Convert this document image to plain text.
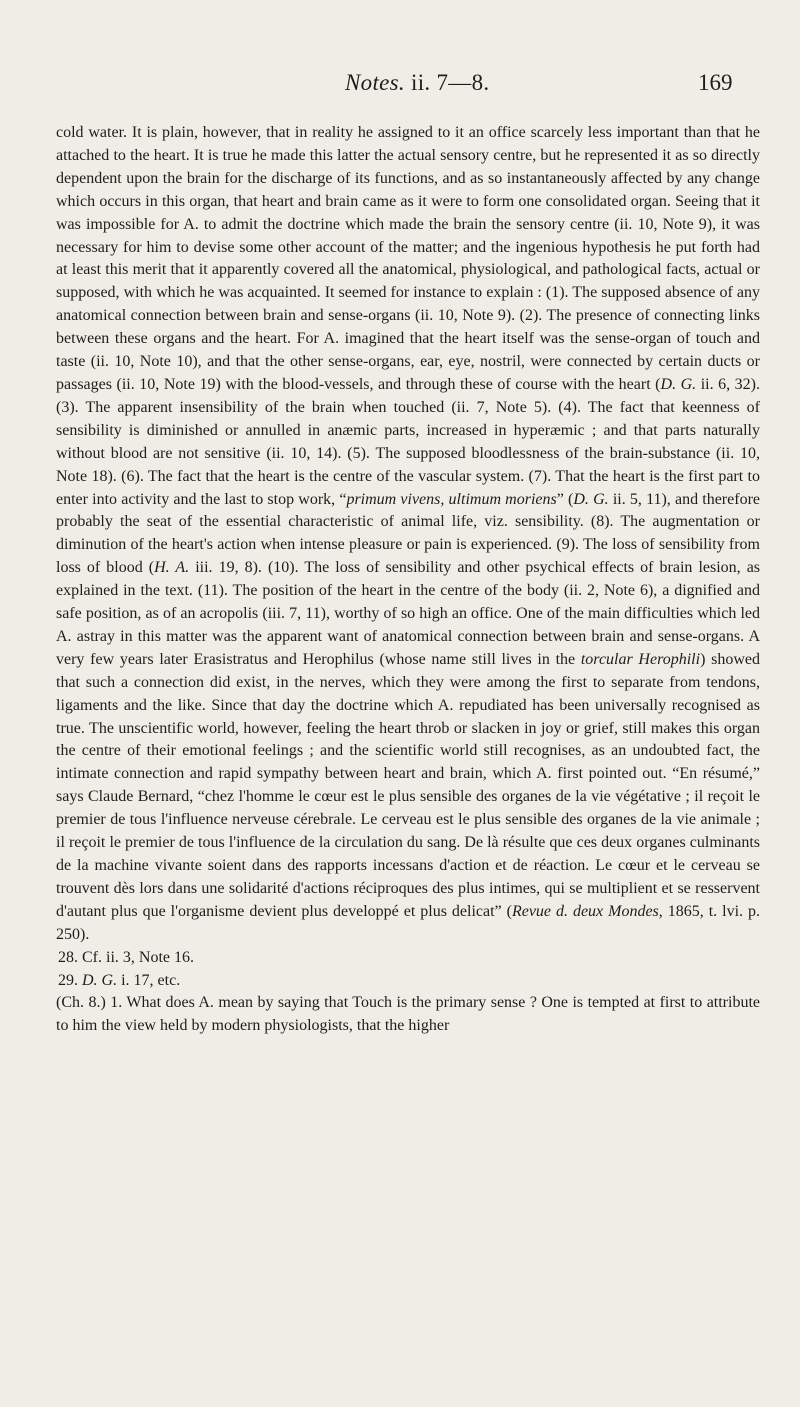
Notes. ii. 7—8.	169

cold water. It is plain, however, that in reality he assigned to it an office scarcely less important than that he attached to the heart. It is true he made this latter the actual sensory centre, but he represented it as so directly dependent upon the brain for the discharge of its functions, and as so instantaneously affected by any change which occurs in this organ, that heart and brain came as it were to form one consolidated organ. Seeing that it was impossible for A. to admit the doctrine which made the brain the sensory centre (ii. 10, Note 9), it was necessary for him to devise some other account of the matter; and the ingenious hypothesis he put forth had at least this merit that it apparently covered all the anatomical, physiological, and pathological facts, actual or supposed, with which he was acquainted. It seemed for instance to explain : (1). The supposed absence of any anatomical connection between brain and sense-organs (ii. 10, Note 9). (2). The presence of connecting links between these organs and the heart. For A. imagined that the heart itself was the sense-organ of touch and taste (ii. 10, Note 10), and that the other sense-organs, ear, eye, nostril, were connected by certain ducts or passages (ii. 10, Note 19) with the blood-vessels, and through these of course with the heart (D. G. ii. 6, 32). (3). The apparent insensibility of the brain when touched (ii. 7, Note 5). (4). The fact that keenness of sensibility is diminished or annulled in anæmic parts, increased in hyperæmic ; and that parts naturally without blood are not sensitive (ii. 10, 14). (5). The supposed bloodlessness of the brain-substance (ii. 10, Note 18). (6). The fact that the heart is the centre of the vascular system. (7). That the heart is the first part to enter into activity and the last to stop work, “primum vivens, ultimum moriens” (D. G. ii. 5, 11), and therefore probably the seat of the essential characteristic of animal life, viz. sensibility. (8). The augmentation or diminution of the heart's action when intense pleasure or pain is experienced. (9). The loss of sensibility from loss of blood (H. A. iii. 19, 8). (10). The loss of sensibility and other psychical effects of brain lesion, as explained in the text. (11). The position of the heart in the centre of the body (ii. 2, Note 6), a dignified and safe position, as of an acropolis (iii. 7, 11), worthy of so high an office. One of the main difficulties which led A. astray in this matter was the apparent want of anatomical connection between brain and sense-organs. A very few years later Erasistratus and Herophilus (whose name still lives in the torcular Herophili) showed that such a connection did exist, in the nerves, which they were among the first to separate from tendons, ligaments and the like. Since that day the doctrine which A. repudiated has been universally recognised as true. The unscientific world, however, feeling the heart throb or slacken in joy or grief, still makes this organ the centre of their emotional feelings ; and the scientific world still recognises, as an undoubted fact, the intimate connection and rapid sympathy between heart and brain, which A. first pointed out. “En résumé,” says Claude Bernard, “chez l'homme le cœur est le plus sensible des organes de la vie végétative ; il reçoit le premier de tous l'influence nerveuse cérebrale. Le cerveau est le plus sensible des organes de la vie animale ; il reçoit le premier de tous l'influence de la circulation du sang. De là résulte que ces deux organes culminants de la machine vivante soient dans des rapports incessans d'action et de réaction. Le cœur et le cerveau se trouvent dès lors dans une solidarité d'actions réciproques des plus intimes, qui se multiplient et se resservent d'autant plus que l'organisme devient plus developpé et plus delicat” (Revue d. deux Mondes, 1865, t. lvi. p. 250).

28. Cf. ii. 3, Note 16.

29. D. G. i. 17, etc.

(Ch. 8.) 1. What does A. mean by saying that Touch is the primary sense ? One is tempted at first to attribute to him the view held by modern physiologists, that the higher
